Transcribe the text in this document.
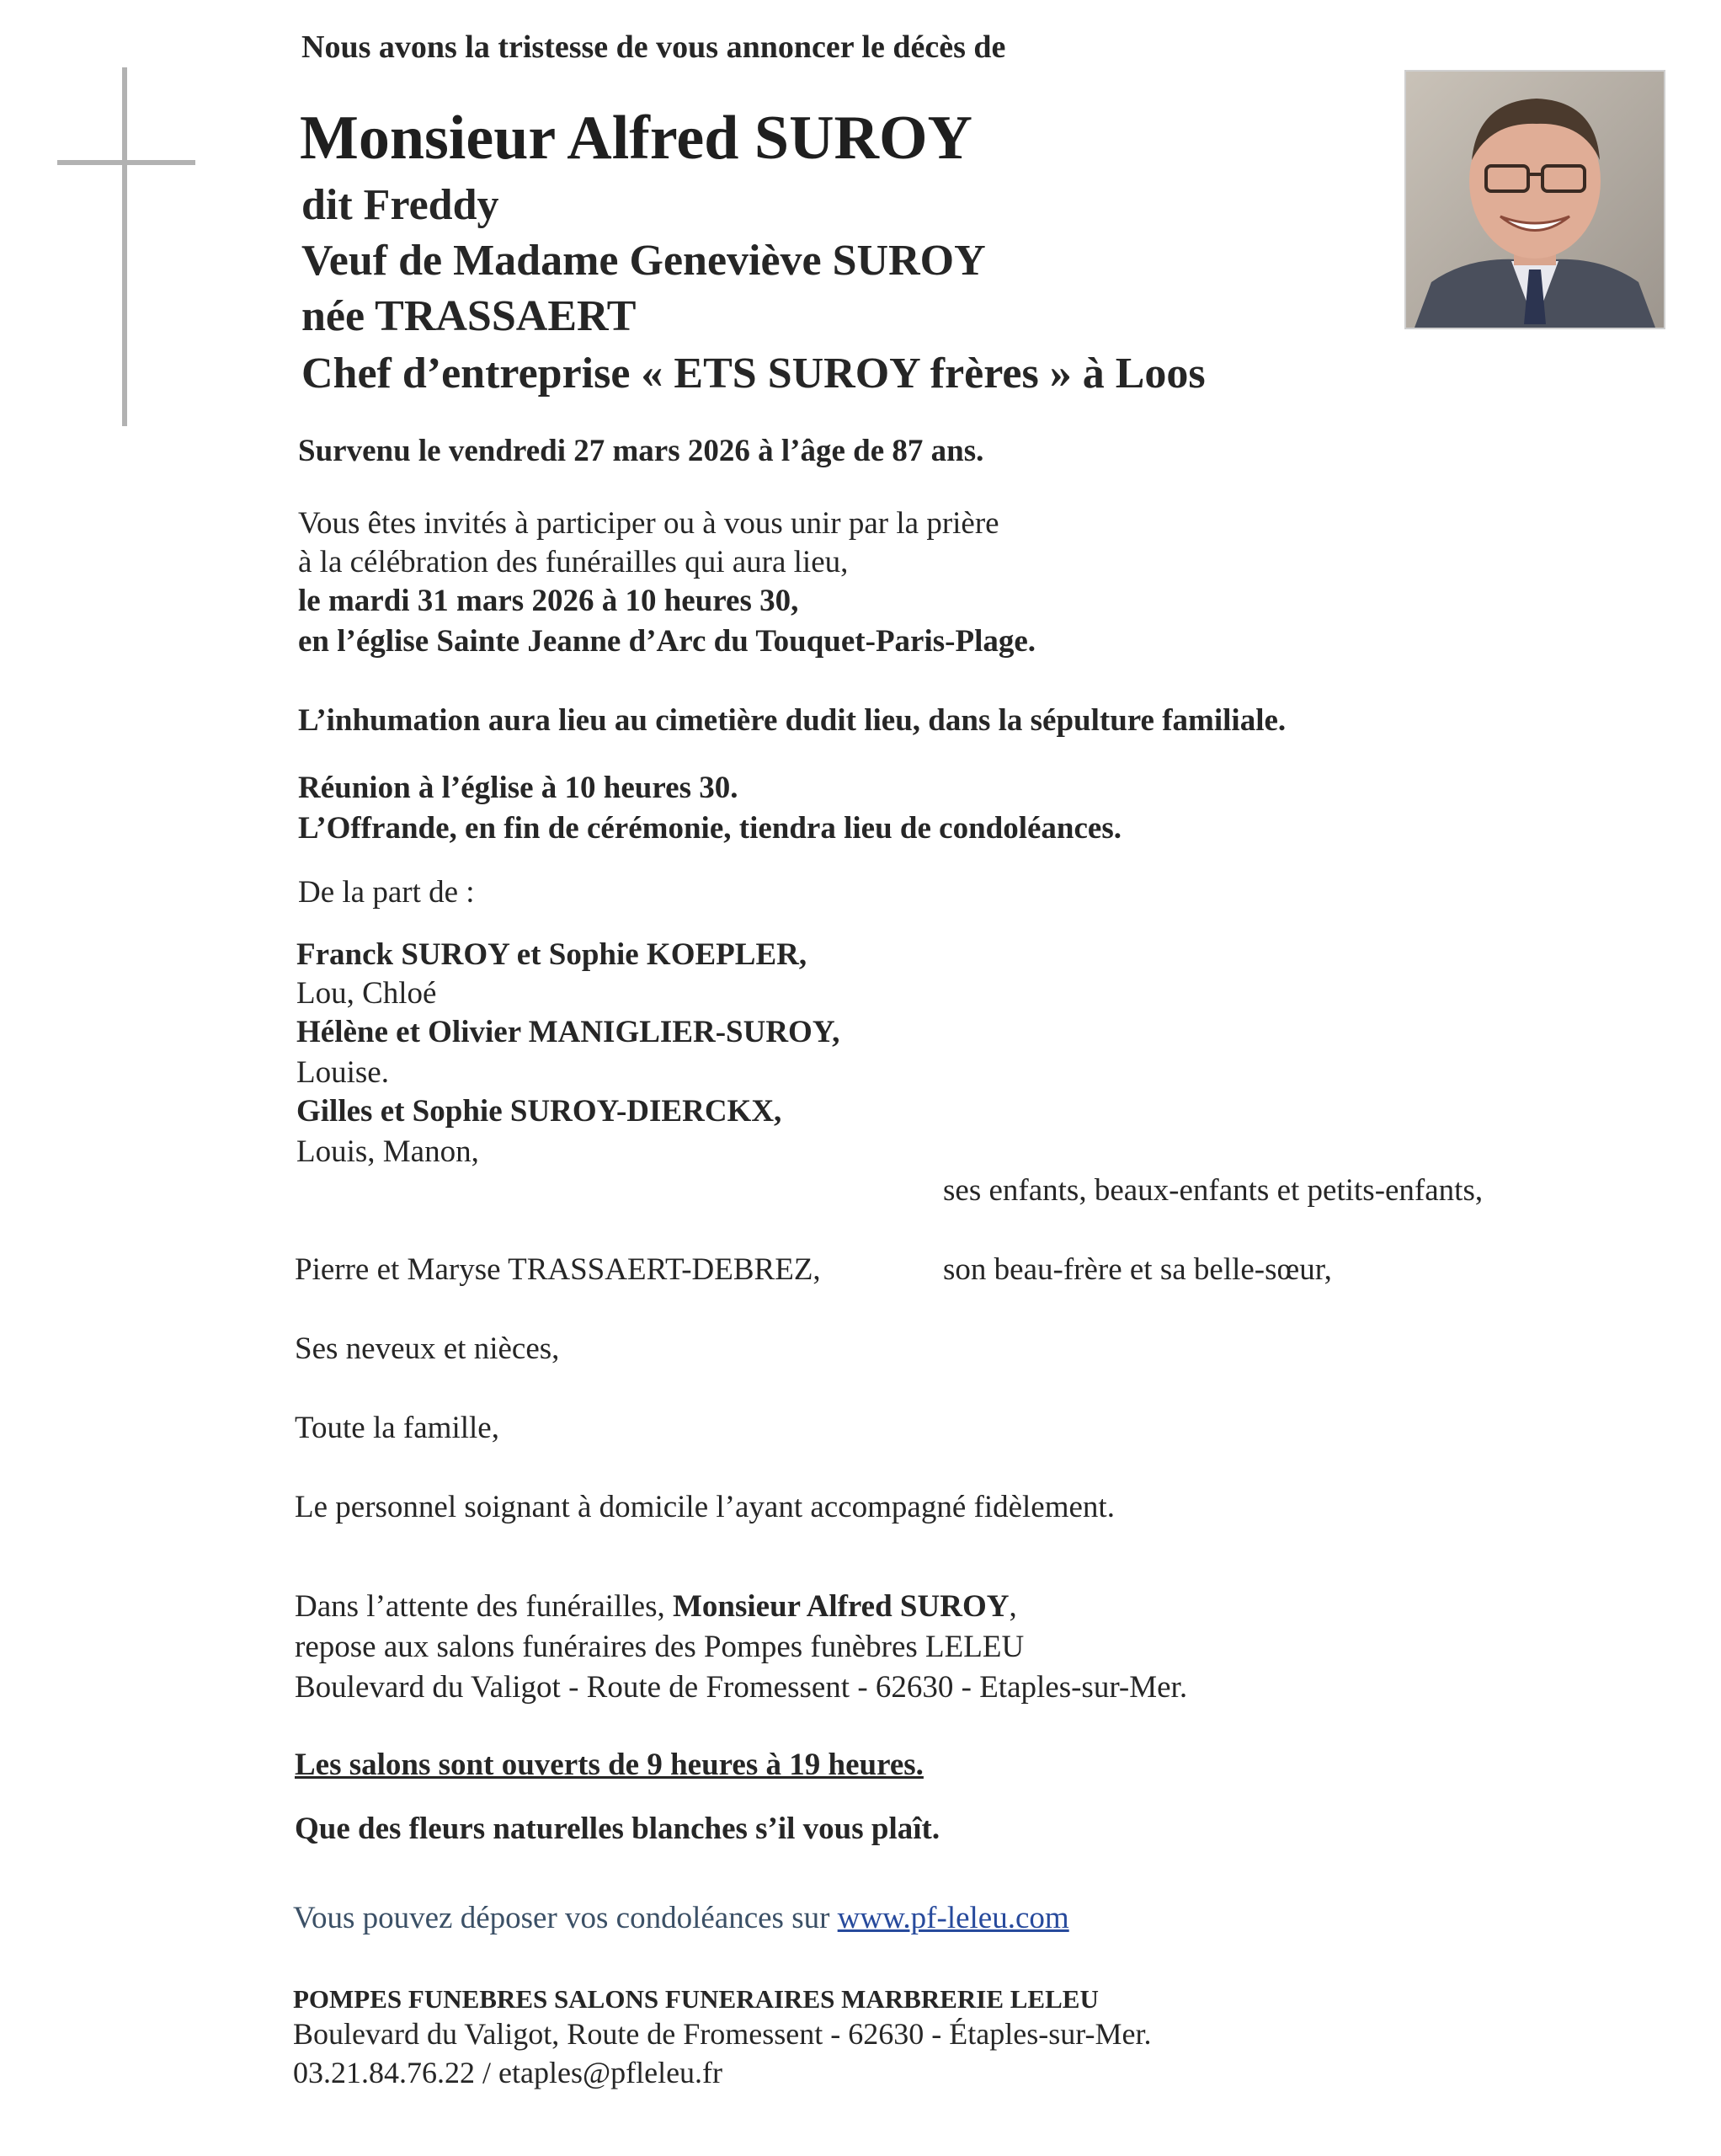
Nous avons la tristesse de vous annoncer le décès de
Monsieur Alfred SUROY
dit Freddy
Veuf de Madame Geneviève SUROY
née TRASSAERT
Chef d’entreprise « ETS SUROY frères » à Loos
Survenu le vendredi 27 mars 2026 à l’âge de 87 ans.
Vous êtes invités à participer ou à vous unir par la prière
à la célébration des funérailles qui aura lieu,
le mardi 31 mars 2026 à 10 heures 30,
en l’église Sainte Jeanne d’Arc du Touquet-Paris-Plage.
L’inhumation aura lieu au cimetière dudit lieu, dans la sépulture familiale.
Réunion à l’église à 10 heures 30.
L’Offrande, en fin de cérémonie, tiendra lieu de condoléances.
De la part de :
Franck SUROY et Sophie KOEPLER,
Lou, Chloé
Hélène et Olivier MANIGLIER-SUROY,
Louise.
Gilles et Sophie SUROY-DIERCKX,
Louis, Manon,
ses enfants, beaux-enfants et petits-enfants,
Pierre et Maryse TRASSAERT-DEBREZ,	son beau-frère et sa belle-sœur,
Ses neveux et nièces,
Toute la famille,
Le personnel soignant à domicile l’ayant accompagné fidèlement.
Dans l’attente des funérailles, Monsieur Alfred SUROY,
repose aux salons funéraires des Pompes funèbres LELEU
Boulevard du Valigot - Route de Fromessent - 62630 - Etaples-sur-Mer.
Les salons sont ouverts de 9 heures à 19 heures.
Que des fleurs naturelles blanches s’il vous plaît.
Vous pouvez déposer vos condoléances sur www.pf-leleu.com
POMPES FUNEBRES SALONS FUNERAIRES MARBRERIE LELEU
Boulevard du Valigot, Route de Fromessent - 62630 - Étaples-sur-Mer.
03.21.84.76.22 / etaples@pfleleu.fr
